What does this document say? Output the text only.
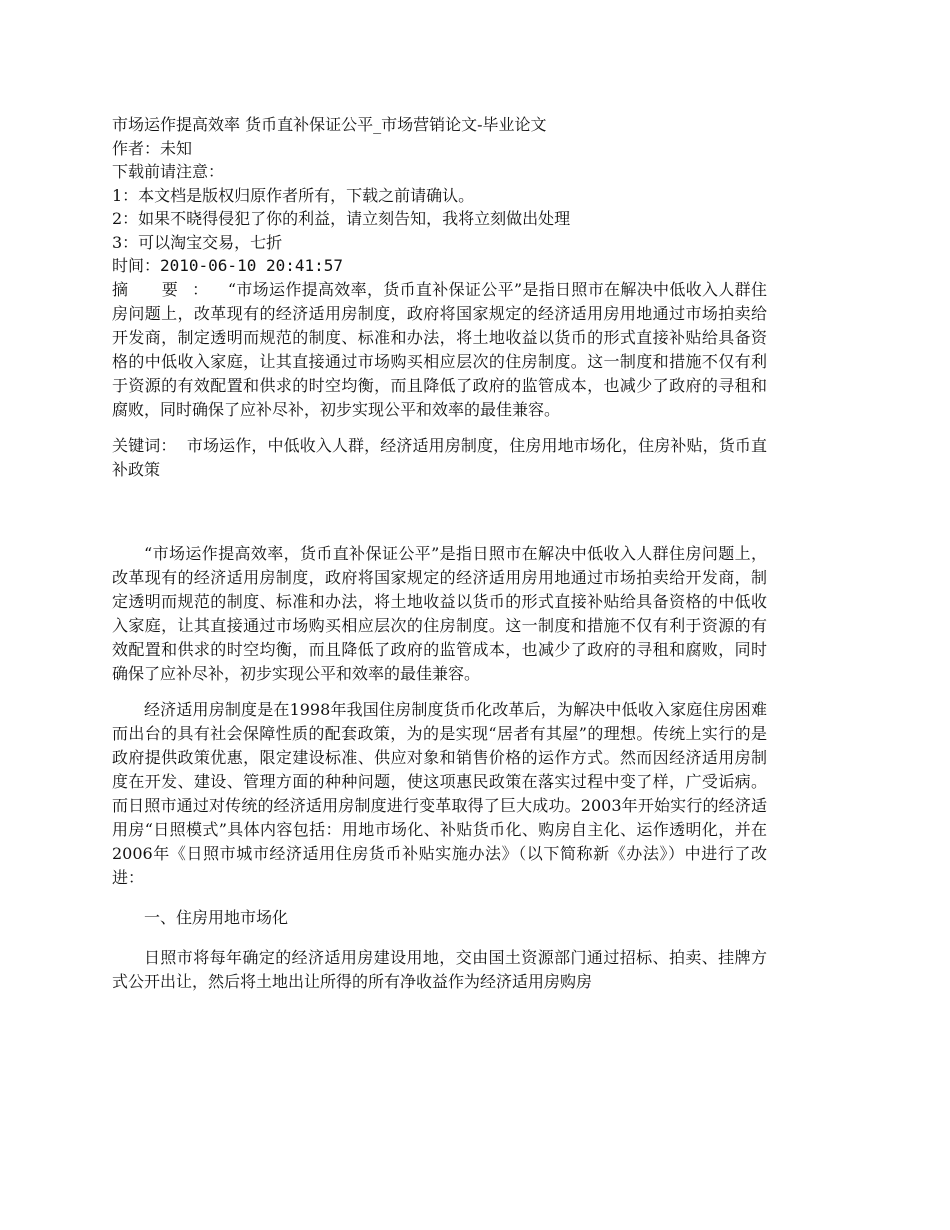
市场运作提高效率 货币直补保证公平_市场营销论文-毕业论文
作者：未知
下载前请注意：
1：本文档是版权归原作者所有，下载之前请确认。
2：如果不晓得侵犯了你的利益，请立刻告知，我将立刻做出处理
3：可以淘宝交易，七折
时间：2010-06-10 20:41:57

摘 要： “市场运作提高效率，货币直补保证公平”是指日照市在解决中低收入人群住房问题上，改革现有的经济适用房制度，政府将国家规定的经济适用房用地通过市场拍卖给开发商，制定透明而规范的制度、标准和办法，将土地收益以货币的形式直接补贴给具备资格的中低收入家庭，让其直接通过市场购买相应层次的住房制度。这一制度和措施不仅有利于资源的有效配置和供求的时空均衡，而且降低了政府的监管成本，也减少了政府的寻租和腐败，同时确保了应补尽补，初步实现公平和效率的最佳兼容。

关键词： 市场运作，中低收入人群，经济适用房制度，住房用地市场化，住房补贴，货币直补政策

“市场运作提高效率，货币直补保证公平”是指日照市在解决中低收入人群住房问题上，改革现有的经济适用房制度，政府将国家规定的经济适用房用地通过市场拍卖给开发商，制定透明而规范的制度、标准和办法，将土地收益以货币的形式直接补贴给具备资格的中低收入家庭，让其直接通过市场购买相应层次的住房制度。这一制度和措施不仅有利于资源的有效配置和供求的时空均衡，而且降低了政府的监管成本，也减少了政府的寻租和腐败，同时确保了应补尽补，初步实现公平和效率的最佳兼容。

经济适用房制度是在1998年我国住房制度货币化改革后，为解决中低收入家庭住房困难而出台的具有社会保障性质的配套政策，为的是实现“居者有其屋”的理想。传统上实行的是政府提供政策优惠，限定建设标准、供应对象和销售价格的运作方式。然而因经济适用房制度在开发、建设、管理方面的种种问题，使这项惠民政策在落实过程中变了样，广受诟病。而日照市通过对传统的经济适用房制度进行变革取得了巨大成功。2003年开始实行的经济适用房“日照模式”具体内容包括：用地市场化、补贴货币化、购房自主化、运作透明化，并在2006年《日照市城市经济适用住房货币补贴实施办法》（以下简称新《办法》）中进行了改进：

一、住房用地市场化

日照市将每年确定的经济适用房建设用地，交由国土资源部门通过招标、拍卖、挂牌方式公开出让，然后将土地出让所得的所有净收益作为经济适用房购房
